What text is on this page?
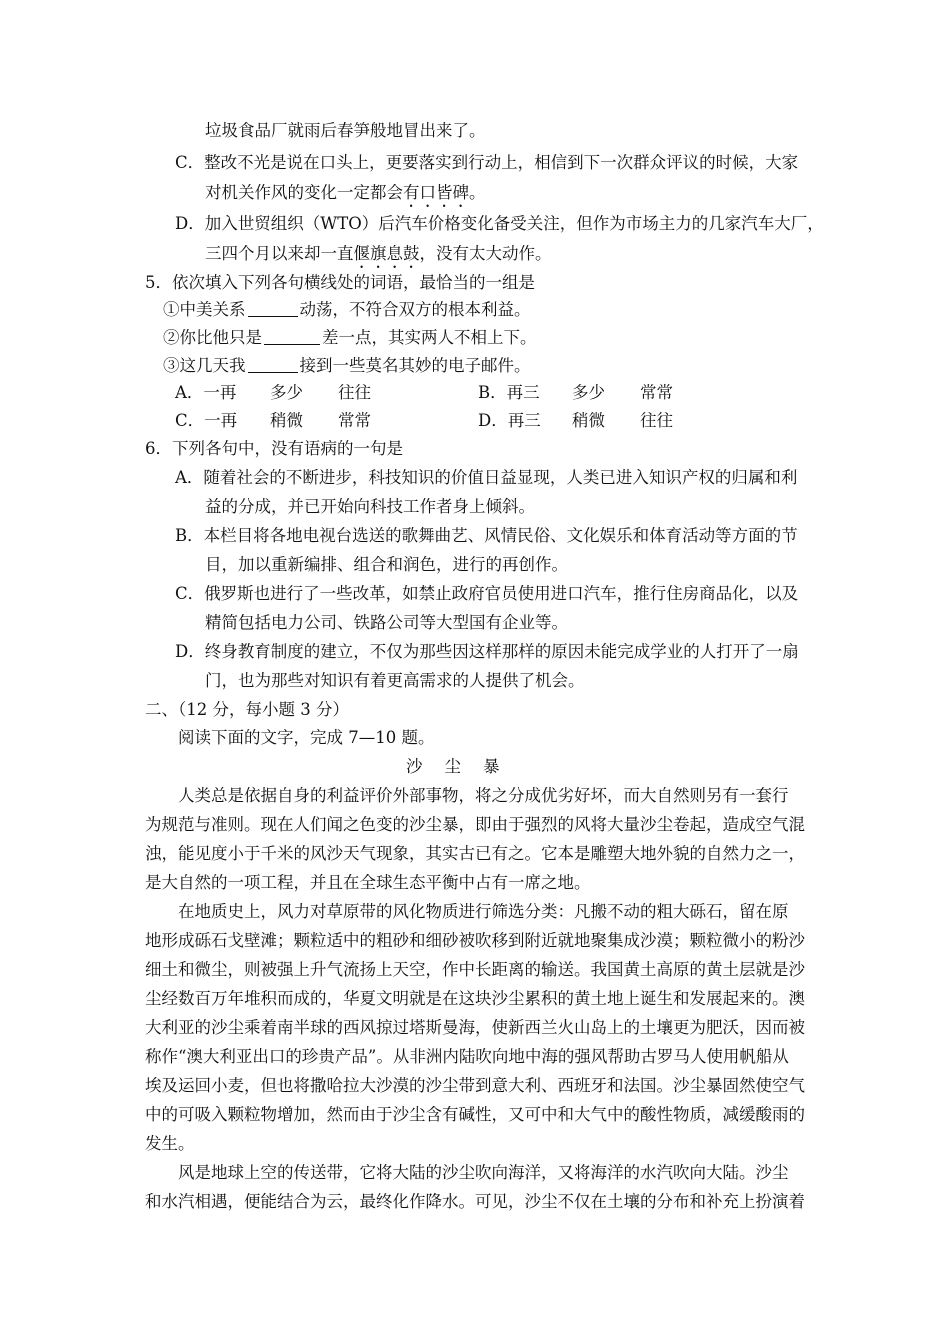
垃圾食品厂就雨后春笋般地冒出来了。
C．整改不光是说在口头上，更要落实到行动上，相信到下一次群众评议的时候，大家
对机关作风的变化一定都会有口皆碑。
D．加入世贸组织（WTO）后汽车价格变化备受关注，但作为市场主力的几家汽车大厂，
三四个月以来却一直偃旗息鼓，没有太大动作。
5．依次填入下列各句横线处的词语，最恰当的一组是
①中美关系	动荡，不符合双方的根本利益。
②你比他只是	差一点，其实两人不相上下。
③这几天我	接到一些莫名其妙的电子邮件。
A．一再 多少 往往	B．再三 多少 常常
C．一再 稍微 常常	D．再三 稍微 往往
6．下列各句中，没有语病的一句是
A．随着社会的不断进步，科技知识的价值日益显现，人类已进入知识产权的归属和利
益的分成，并已开始向科技工作者身上倾斜。
B．本栏目将各地电视台选送的歌舞曲艺、风情民俗、文化娱乐和体育活动等方面的节
目，加以重新编排、组合和润色，进行的再创作。
C．俄罗斯也进行了一些改革，如禁止政府官员使用进口汽车，推行住房商品化，以及
精简包括电力公司、铁路公司等大型国有企业等。
D．终身教育制度的建立，不仅为那些因这样那样的原因未能完成学业的人打开了一扇
门，也为那些对知识有着更高需求的人提供了机会。
二、（12 分，每小题 3 分）
阅读下面的文字，完成 7—10 题。
沙尘暴
人类总是依据自身的利益评价外部事物，将之分成优劣好坏，而大自然则另有一套行
为规范与准则。现在人们闻之色变的沙尘暴，即由于强烈的风将大量沙尘卷起，造成空气混
浊，能见度小于千米的风沙天气现象，其实古已有之。它本是雕塑大地外貌的自然力之一，
是大自然的一项工程，并且在全球生态平衡中占有一席之地。
在地质史上，风力对草原带的风化物质进行筛选分类：凡搬不动的粗大砾石，留在原
地形成砾石戈壁滩；颗粒适中的粗砂和细砂被吹移到附近就地聚集成沙漠；颗粒微小的粉沙
细土和微尘，则被强上升气流扬上天空，作中长距离的输送。我国黄土高原的黄土层就是沙
尘经数百万年堆积而成的，华夏文明就是在这块沙尘累积的黄土地上诞生和发展起来的。澳
大利亚的沙尘乘着南半球的西风掠过塔斯曼海，使新西兰火山岛上的土壤更为肥沃，因而被
称作“澳大利亚出口的珍贵产品”。从非洲内陆吹向地中海的强风帮助古罗马人使用帆船从
埃及运回小麦，但也将撒哈拉大沙漠的沙尘带到意大利、西班牙和法国。沙尘暴固然使空气
中的可吸入颗粒物增加，然而由于沙尘含有碱性，又可中和大气中的酸性物质，减缓酸雨的
发生。
风是地球上空的传送带，它将大陆的沙尘吹向海洋，又将海洋的水汽吹向大陆。沙尘
和水汽相遇，便能结合为云，最终化作降水。可见，沙尘不仅在土壤的分布和补充上扮演着
